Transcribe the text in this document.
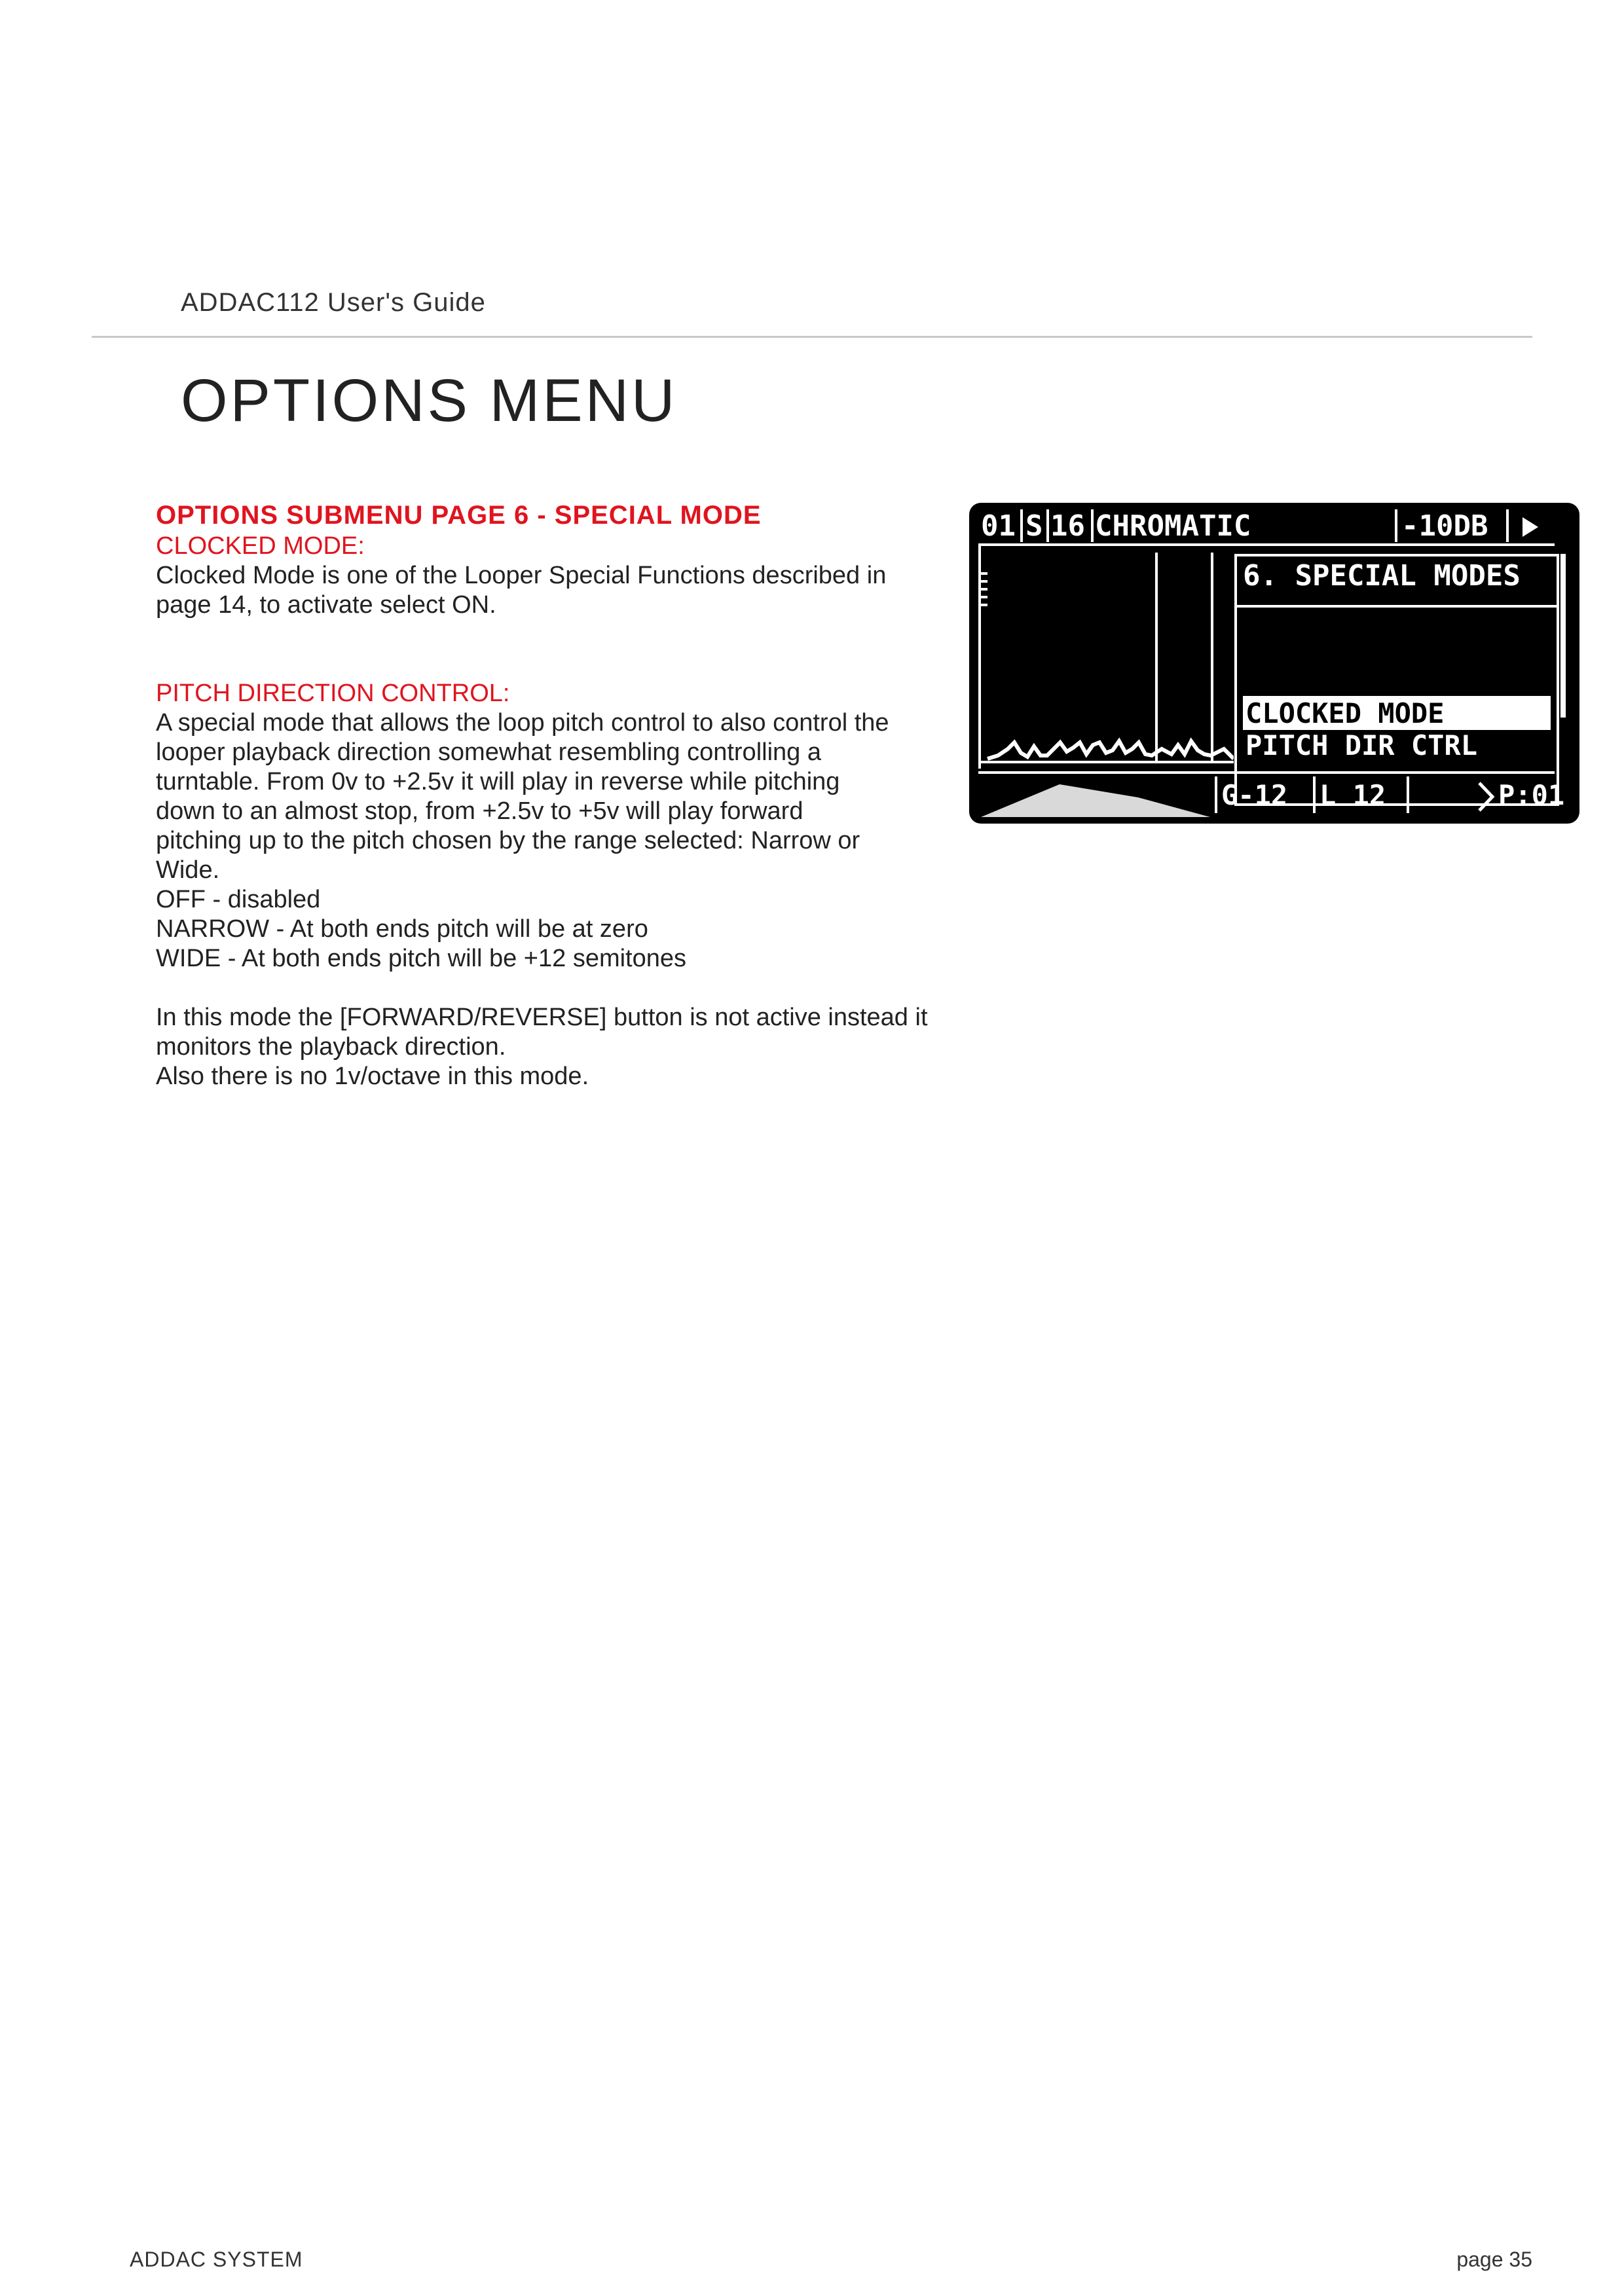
ADDAC112 User's Guide
OPTIONS MENU
OPTIONS SUBMENU PAGE 6 - SPECIAL MODE
CLOCKED MODE:

Clocked Mode is one of the Looper Special Functions described in

page 14, to activate select ON.

PITCH DIRECTION CONTROL:

A special mode that allows the loop pitch control to also control the

looper playback direction somewhat resembling controlling a

turntable. From 0v to +2.5v it will play in reverse while pitching

down to an almost stop, from +2.5v to +5v will play forward

pitching up to the pitch chosen by the range selected: Narrow or

Wide.

OFF - disabled

NARROW - At both ends pitch will be at zero

WIDE - At both ends pitch will be +12 semitones

In this mode the [FORWARD/REVERSE] button is not active instead it

monitors the playback direction.

Also there is no 1v/octave in this mode.

01 S 16 CHROMATIC	-10DB
6. SPECIAL MODES
CLOCKED MODE
PITCH DIR CTRL
G-12 L 12	P:01
ADDAC SYSTEM	page 35
